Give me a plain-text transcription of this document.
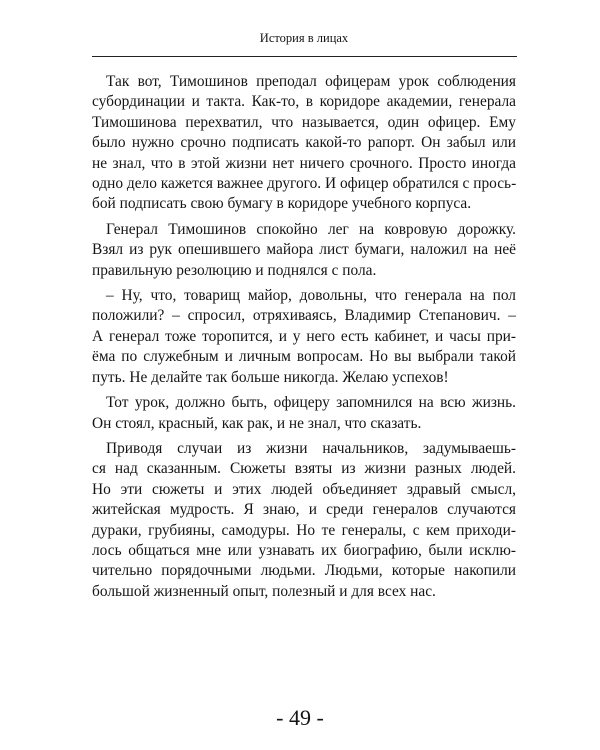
История в лицах
Так вот, Тимошинов преподал офицерам урок соблюдения
субординации и такта. Как-то, в коридоре академии, генерала
Тимошинова перехватил, что называется, один офицер. Ему
было нужно срочно подписать какой-то рапорт. Он забыл или
не знал, что в этой жизни нет ничего срочного. Просто иногда
одно дело кажется важнее другого. И офицер обратился с прось-
бой подписать свою бумагу в коридоре учебного корпуса.
Генерал Тимошинов спокойно лег на ковровую дорожку.
Взял из рук опешившего майора лист бумаги, наложил на неё
правильную резолюцию и поднялся с пола.
– Ну, что, товарищ майор, довольны, что генерала на пол
положили? – спросил, отряхиваясь, Владимир Степанович. –
А генерал тоже торопится, и у него есть кабинет, и часы при-
ёма по служебным и личным вопросам. Но вы выбрали такой
путь. Не делайте так больше никогда. Желаю успехов!
Тот урок, должно быть, офицеру запомнился на всю жизнь.
Он стоял, красный, как рак, и не знал, что сказать.
Приводя случаи из жизни начальников, задумываешь-
ся над сказанным. Сюжеты взяты из жизни разных людей.
Но эти сюжеты и этих людей объединяет здравый смысл,
житейская мудрость. Я знаю, и среди генералов случаются
дураки, грубияны, самодуры. Но те генералы, с кем приходи-
лось общаться мне или узнавать их биографию, были исклю-
чительно порядочными людьми. Людьми, которые накопили
большой жизненный опыт, полезный и для всех нас.
- 49 -
